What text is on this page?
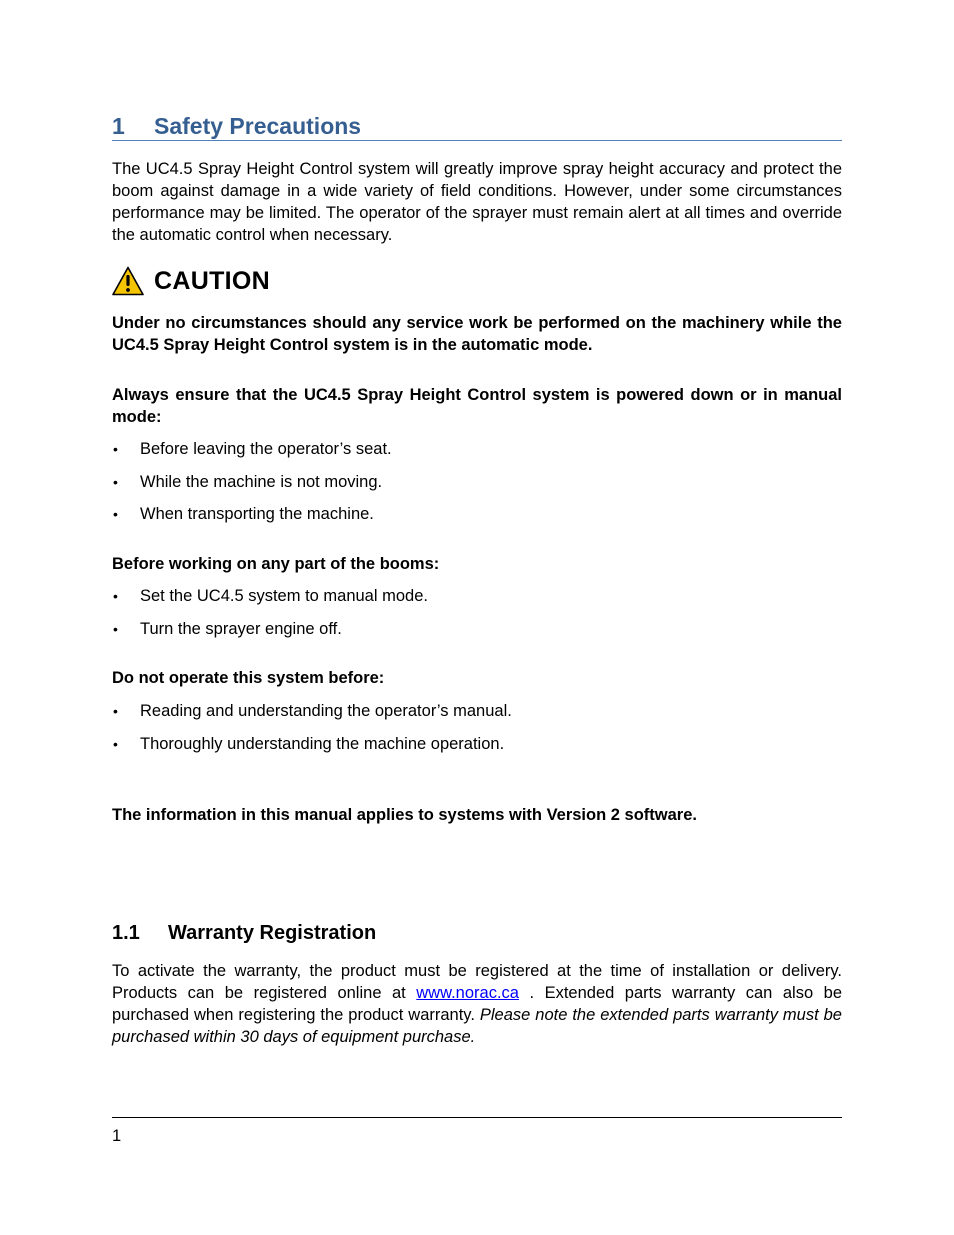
1 Safety Precautions

The UC4.5 Spray Height Control system will greatly improve spray height accuracy and protect the boom against damage in a wide variety of field conditions. However, under some circumstances performance may be limited. The operator of the sprayer must remain alert at all times and override the automatic control when necessary.

CAUTION

Under no circumstances should any service work be performed on the machinery while the UC4.5 Spray Height Control system is in the automatic mode.

Always ensure that the UC4.5 Spray Height Control system is powered down or in manual mode:

• Before leaving the operator’s seat.
• While the machine is not moving.
• When transporting the machine.

Before working on any part of the booms:

• Set the UC4.5 system to manual mode.
• Turn the sprayer engine off.

Do not operate this system before:

• Reading and understanding the operator’s manual.
• Thoroughly understanding the machine operation.

The information in this manual applies to systems with Version 2 software.

1.1 Warranty Registration

To activate the warranty, the product must be registered at the time of installation or delivery. Products can be registered online at www.norac.ca . Extended parts warranty can also be purchased when registering the product warranty. Please note the extended parts warranty must be purchased within 30 days of equipment purchase.

1
